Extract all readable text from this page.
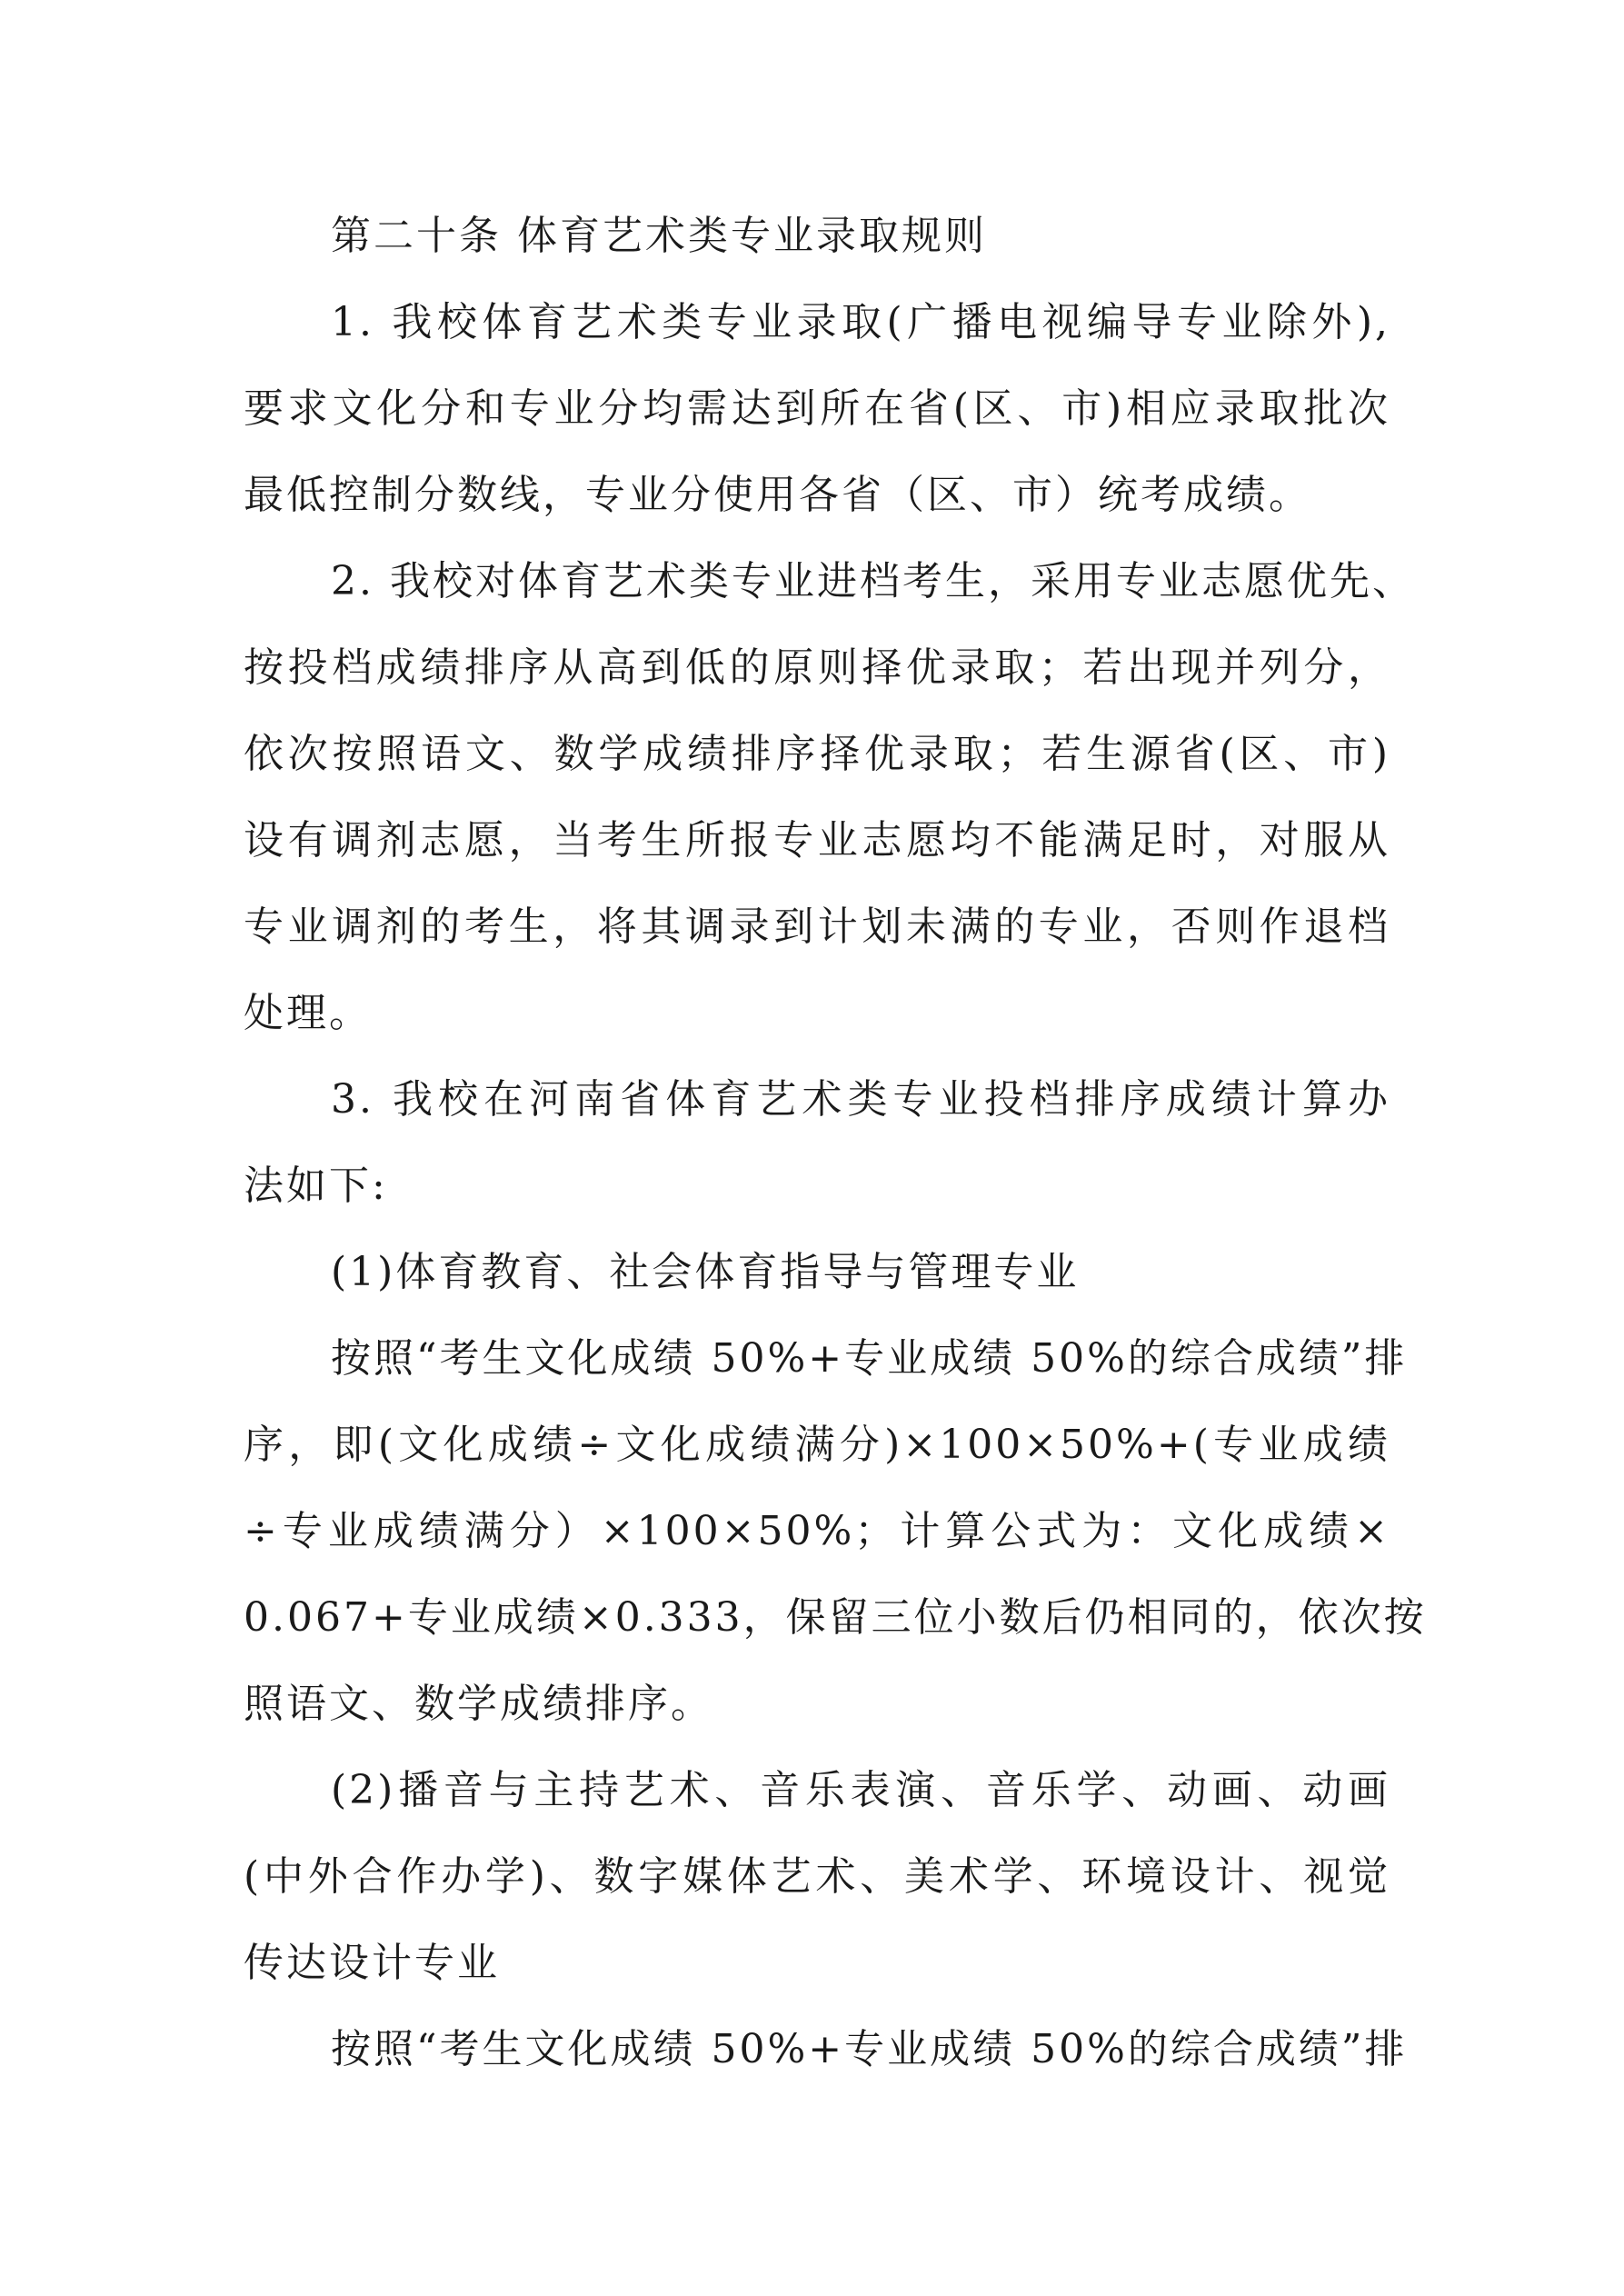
第二十条 体育艺术类专业录取规则
1. 我校体育艺术类专业录取(广播电视编导专业除外),
要求文化分和专业分均需达到所在省(区、市)相应录取批次
最低控制分数线，专业分使用各省（区、市）统考成绩。
2. 我校对体育艺术类专业进档考生，采用专业志愿优先、
按投档成绩排序从高到低的原则择优录取；若出现并列分，
依次按照语文、数学成绩排序择优录取；若生源省(区、市)
设有调剂志愿，当考生所报专业志愿均不能满足时，对服从
专业调剂的考生，将其调录到计划未满的专业，否则作退档
处理。
3. 我校在河南省体育艺术类专业投档排序成绩计算办
法如下:
(1)体育教育、社会体育指导与管理专业
按照“考生文化成绩 50%+专业成绩 50%的综合成绩”排
序，即(文化成绩÷文化成绩满分)×100×50%+(专业成绩
÷专业成绩满分）×100×50%；计算公式为：文化成绩×
0.067+专业成绩×0.333，保留三位小数后仍相同的，依次按
照语文、数学成绩排序。
(2)播音与主持艺术、音乐表演、音乐学、动画、动画
(中外合作办学)、数字媒体艺术、美术学、环境设计、视觉
传达设计专业
按照“考生文化成绩 50%+专业成绩 50%的综合成绩”排
